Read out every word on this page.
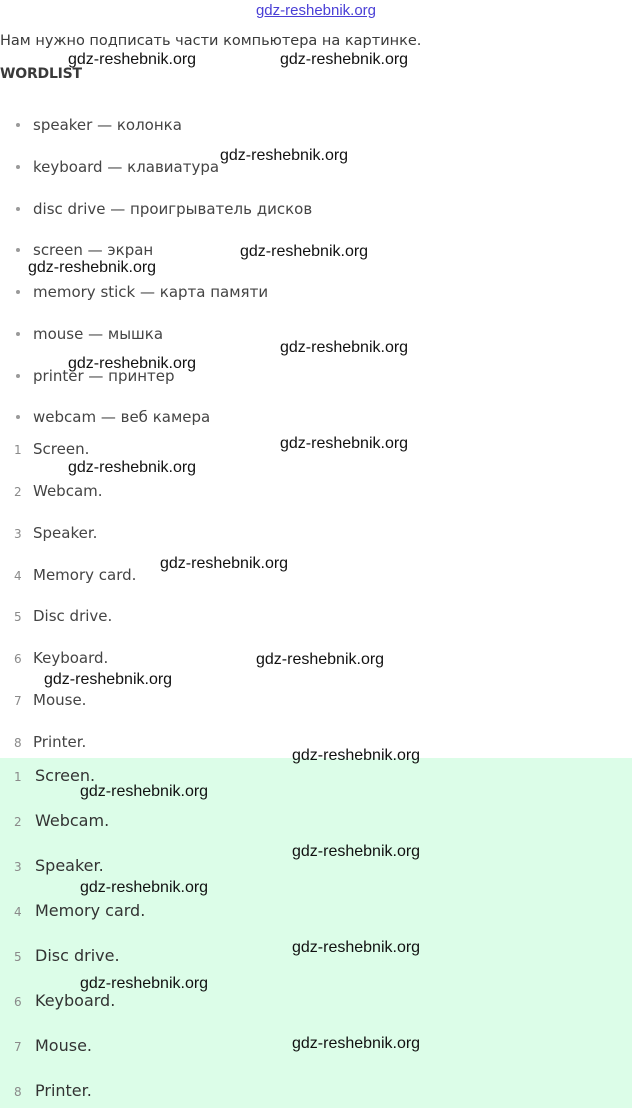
gdz-reshebnik.org
Нам нужно подписать части компьютера на картинке.
WORDLIST
speaker — колонка
keyboard — клавиатура
disc drive — проигрыватель дисков
screen — экран
memory stick — карта памяти
mouse — мышка
printer — принтер
webcam — веб камера
1 Screen.
2 Webcam.
3 Speaker.
4 Memory card.
5 Disc drive.
6 Keyboard.
7 Mouse.
8 Printer.
1 Screen.
2 Webcam.
3 Speaker.
4 Memory card.
5 Disc drive.
6 Keyboard.
7 Mouse.
8 Printer.
gdz-reshebnik.org	gdz-reshebnik.org
gdz-reshebnik.org
gdz-reshebnik.org
gdz-reshebnik.org
gdz-reshebnik.org
gdz-reshebnik.org
gdz-reshebnik.org
gdz-reshebnik.org
gdz-reshebnik.org
gdz-reshebnik.org
gdz-reshebnik.org
gdz-reshebnik.org
gdz-reshebnik.org
gdz-reshebnik.org
gdz-reshebnik.org
gdz-reshebnik.org
gdz-reshebnik.org
gdz-reshebnik.org
